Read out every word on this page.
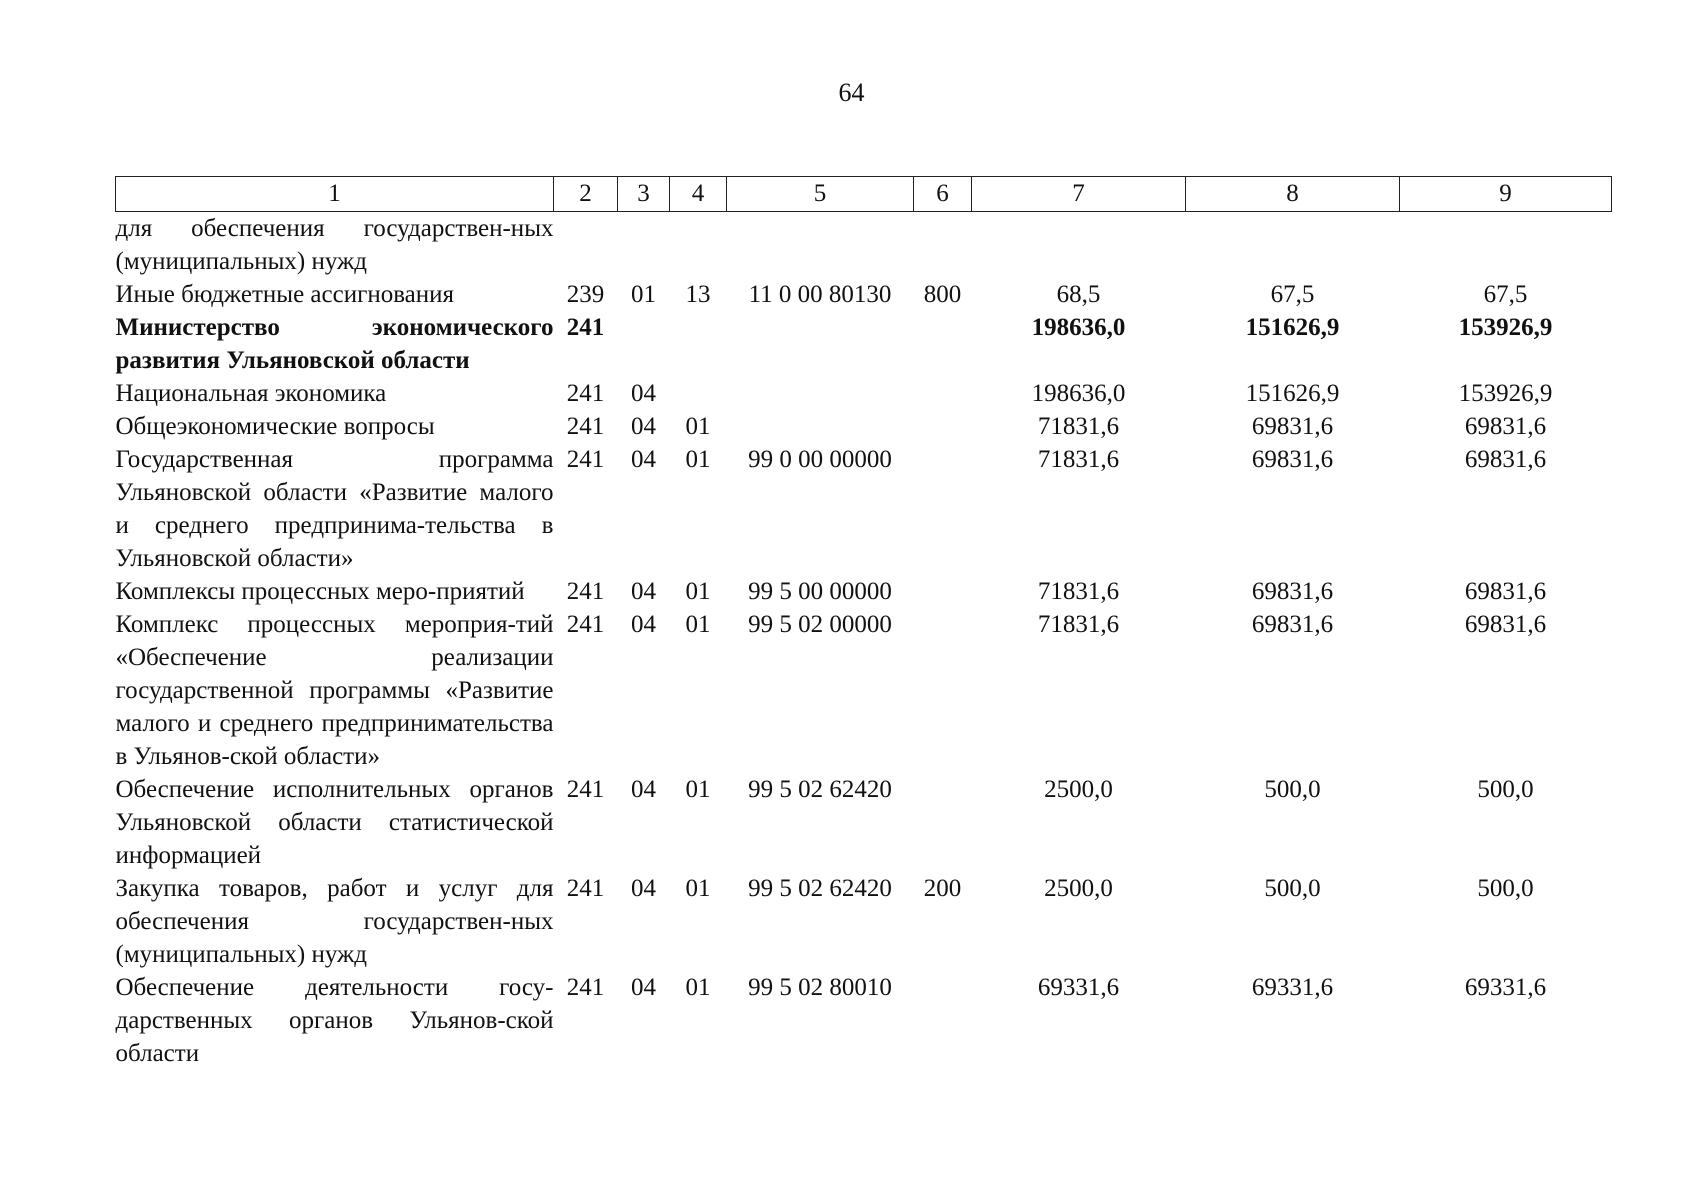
64
1	2	3	4	5	6	7	8	9
для обеспечения государствен-ных (муниципальных) нужд								
Иные бюджетные ассигнования	239	01	13	11 0 00 80130	800	68,5	67,5	67,5
Министерство экономического развития Ульяновской области	241					198636,0	151626,9	153926,9
Национальная экономика	241	04				198636,0	151626,9	153926,9
Общеэкономические вопросы	241	04	01			71831,6	69831,6	69831,6
Государственная программа Ульяновской области «Развитие малого и среднего предпринима-тельства в Ульяновской области»	241	04	01	99 0 00 00000		71831,6	69831,6	69831,6
Комплексы процессных меро-приятий	241	04	01	99 5 00 00000		71831,6	69831,6	69831,6
Комплекс процессных мероприя-тий «Обеспечение реализации государственной программы «Развитие малого и среднего предпринимательства в Ульянов-ской области»	241	04	01	99 5 02 00000		71831,6	69831,6	69831,6
Обеспечение исполнительных органов Ульяновской области статистической информацией	241	04	01	99 5 02 62420		2500,0	500,0	500,0
Закупка товаров, работ и услуг для обеспечения государствен-ных (муниципальных) нужд	241	04	01	99 5 02 62420	200	2500,0	500,0	500,0
Обеспечение деятельности госу-дарственных органов Ульянов-ской области	241	04	01	99 5 02 80010		69331,6	69331,6	69331,6
